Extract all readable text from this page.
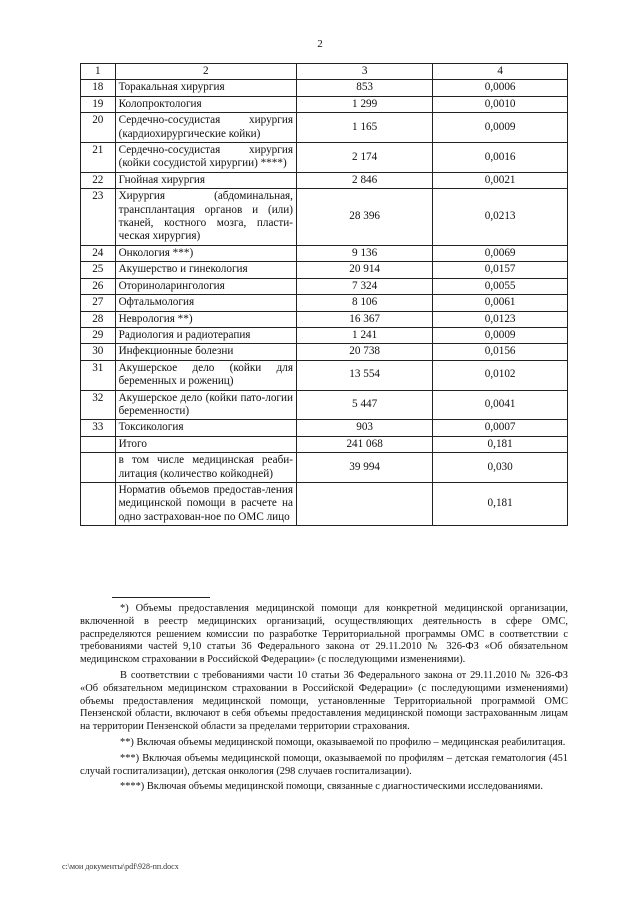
2
1	2	3	4
18	Торакальная хирургия	853	0,0006
19	Колопроктология	1 299	0,0010
20	Сердечно-сосудистая хирургия (кардиохирургические койки)	1 165	0,0009
21	Сердечно-сосудистая хирургия (койки сосудистой хирургии) ****)	2 174	0,0016
22	Гнойная хирургия	2 846	0,0021
23	Хирургия (абдоминальная, трансплантация органов и (или) тканей, костного мозга, пласти-ческая хирургия)	28 396	0,0213
24	Онкология ***)	9 136	0,0069
25	Акушерство и гинекология	20 914	0,0157
26	Оториноларингология	7 324	0,0055
27	Офтальмология	8 106	0,0061
28	Неврология **)	16 367	0,0123
29	Радиология и радиотерапия	1 241	0,0009
30	Инфекционные болезни	20 738	0,0156
31	Акушерское дело (койки для беременных и рожениц)	13 554	0,0102
32	Акушерское дело (койки пато-логии беременности)	5 447	0,0041
33	Токсикология	903	0,0007
	Итого	241 068	0,181
	в том числе медицинская реаби-литация (количество койкодней)	39 994	0,030
	Норматив объемов предостав-ления медицинской помощи в расчете на одно застрахован-ное по ОМС лицо		0,181

*) Объемы предоставления медицинской помощи для конкретной медицинской организации, включенной в реестр медицинских организаций, осуществляющих деятельность в сфере ОМС, распределяются решением комиссии по разработке Территориальной программы ОМС в соответствии с требованиями частей 9,10 статьи 36 Федерального закона от 29.11.2010 № 326-ФЗ «Об обязательном медицинском страховании в Российской Федерации» (с последующими изменениями).

В соответствии с требованиями части 10 статьи 36 Федерального закона от 29.11.2010 № 326-ФЗ «Об обязательном медицинском страховании в Российской Федерации» (с последующими изменениями) объемы предоставления медицинской помощи, установленные Территориальной программой ОМС Пензенской области, включают в себя объемы предоставления медицинской помощи застрахованным лицам на территории Пензенской области за пределами территории страхования.

**) Включая объемы медицинской помощи, оказываемой по профилю – медицинская реабилитация.

***) Включая объемы медицинской помощи, оказываемой по профилям – детская гематология (451 случай госпитализации), детская онкология (298 случаев госпитализации).

****) Включая объемы медицинской помощи, связанные с диагностическими исследованиями.

c:\мои документы\pdf\928-пп.docx
